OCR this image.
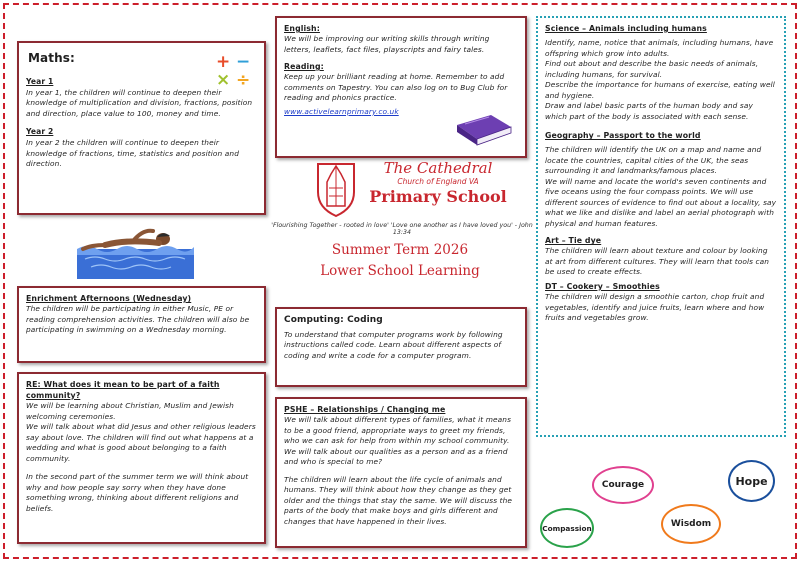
Maths:	+ −
× ÷
Year 1

In year 1, the children will continue to deepen their knowledge of multiplication and division, fractions, position and direction, place value to 100, money and time.

Year 2

In year 2 the children will continue to deepen their knowledge of fractions, time, statistics and position and direction.

English:

We will be improving our writing skills through writing letters, leaflets, fact files, playscripts and fairy tales.

Reading:

Keep up your brilliant reading at home. Remember to add comments on Tapestry. You can also log on to Bug Club for reading and phonics practice.

www.activelearnprimary.co.uk
Science – Animals including humans

Identify, name, notice that animals, including humans, have offspring which grow into adults.

Find out about and describe the basic needs of animals, including humans, for survival.

Describe the importance for humans of exercise, eating well and hygiene.

Draw and label basic parts of the human body and say which part of the body is associated with each sense.

Geography – Passport to the world

The children will identify the UK on a map and name and locate the countries, capital cities of the UK, the seas surrounding it and landmarks/famous places.

We will name and locate the world's seven continents and five oceans using the four compass points. We will use different sources of evidence to find out about a locality, say what we like and dislike and label an aerial photograph with physical and human features.

Art – Tie dye

The children will learn about texture and colour by looking at art from different cultures. They will learn that tools can be used to create effects.

DT – Cookery – Smoothies

The children will design a smoothie carton, chop fruit and vegetables, identify and juice fruits, learn where and how fruits and vegetables grow.

The Cathedral
Church of England VA
Primary School
'Flourishing Together - rooted in love' 'Love one another as I have loved you' - John 13:34
Summer Term 2026
Lower School Learning
Enrichment Afternoons (Wednesday)

The children will be participating in either Music, PE or reading comprehension activities. The children will also be participating in swimming on a Wednesday morning.

Computing: Coding

To understand that computer programs work by following instructions called code. Learn about different aspects of coding and write a code for a computer program.

RE: What does it mean to be part of a faith community?

We will be learning about Christian, Muslim and Jewish welcoming ceremonies.

We will talk about what did Jesus and other religious leaders say about love. The children will find out what happens at a wedding and what is good about belonging to a faith community.

In the second part of the summer term we will think about why and how people say sorry when they have done something wrong, thinking about different religions and beliefs.

PSHE – Relationships / Changing me

We will talk about different types of families, what it means to be a good friend, appropriate ways to greet my friends, who we can ask for help from within my school community. We will talk about our qualities as a person and as a friend and who is special to me?

The children will learn about the life cycle of animals and humans. They will think about how they change as they get older and the things that stay the same. We will discuss the parts of the body that make boys and girls different and changes that have happened in their lives.

Courage	Hope
Compassion	Wisdom
